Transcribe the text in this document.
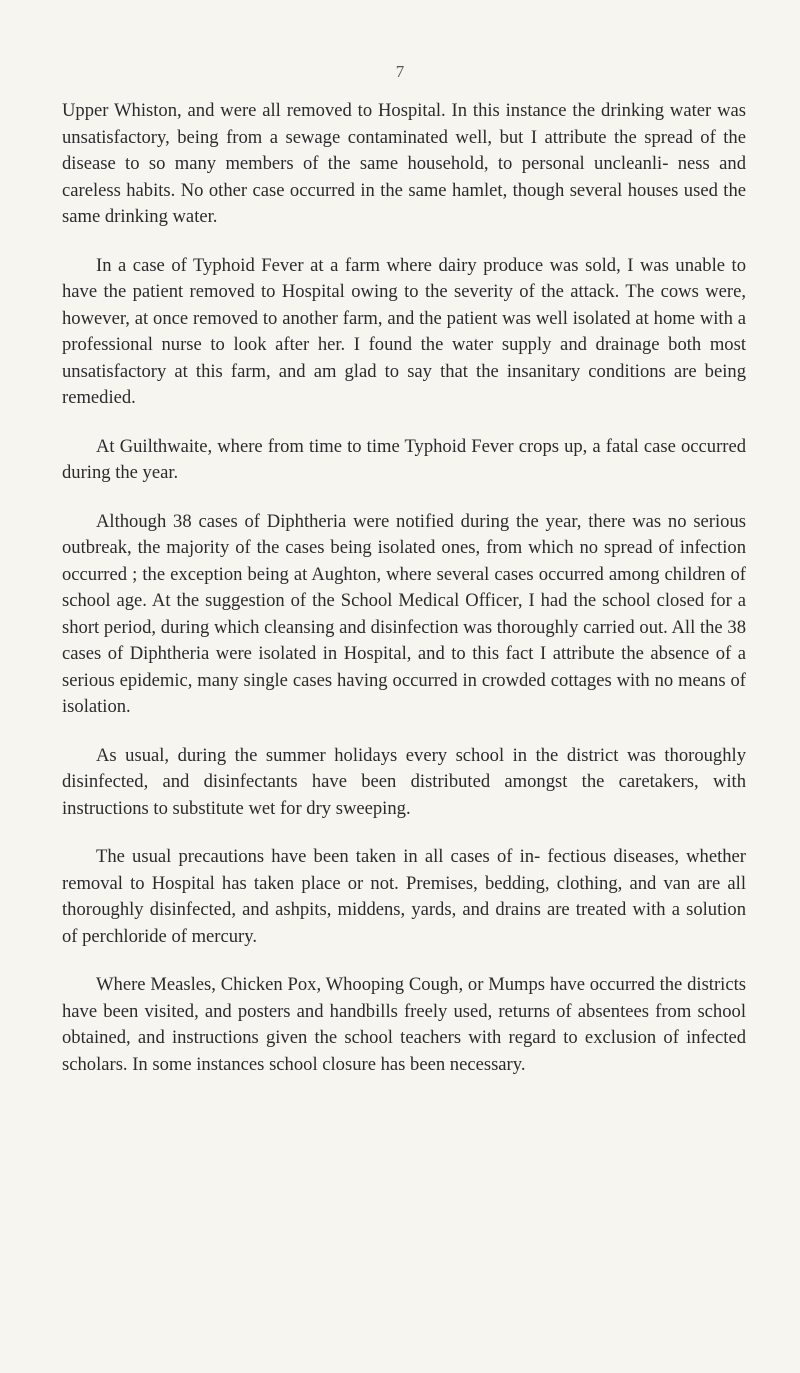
7

Upper Whiston, and were all removed to Hospital. In this instance the drinking water was unsatisfactory, being from a sewage contaminated well, but I attribute the spread of the disease to so many members of the same household, to personal uncleanli- ness and careless habits. No other case occurred in the same hamlet, though several houses used the same drinking water.

In a case of Typhoid Fever at a farm where dairy produce was sold, I was unable to have the patient removed to Hospital owing to the severity of the attack. The cows were, however, at once removed to another farm, and the patient was well isolated at home with a professional nurse to look after her. I found the water supply and drainage both most unsatisfactory at this farm, and am glad to say that the insanitary conditions are being remedied.

At Guilthwaite, where from time to time Typhoid Fever crops up, a fatal case occurred during the year.

Although 38 cases of Diphtheria were notified during the year, there was no serious outbreak, the majority of the cases being isolated ones, from which no spread of infection occurred ; the exception being at Aughton, where several cases occurred among children of school age. At the suggestion of the School Medical Officer, I had the school closed for a short period, during which cleansing and disinfection was thoroughly carried out. All the 38 cases of Diphtheria were isolated in Hospital, and to this fact I attribute the absence of a serious epidemic, many single cases having occurred in crowded cottages with no means of isolation.

As usual, during the summer holidays every school in the district was thoroughly disinfected, and disinfectants have been distributed amongst the caretakers, with instructions to substitute wet for dry sweeping.

The usual precautions have been taken in all cases of in- fectious diseases, whether removal to Hospital has taken place or not. Premises, bedding, clothing, and van are all thoroughly disinfected, and ashpits, middens, yards, and drains are treated with a solution of perchloride of mercury.

Where Measles, Chicken Pox, Whooping Cough, or Mumps have occurred the districts have been visited, and posters and handbills freely used, returns of absentees from school obtained, and instructions given the school teachers with regard to exclusion of infected scholars. In some instances school closure has been necessary.
